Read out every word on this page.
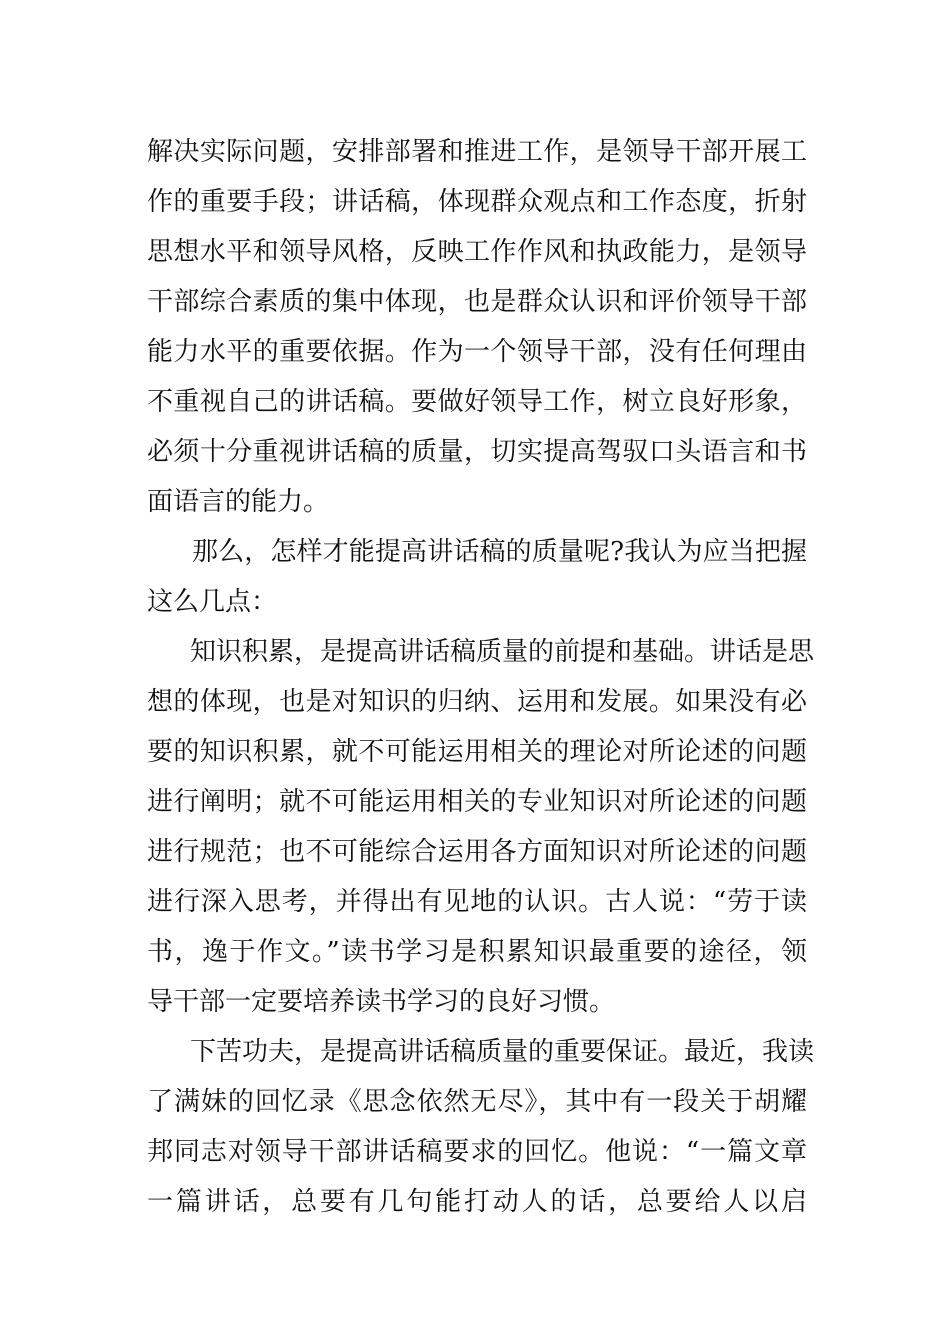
解决实际问题，安排部署和推进工作，是领导干部开展工
作的重要手段；讲话稿，体现群众观点和工作态度，折射
思想水平和领导风格，反映工作作风和执政能力，是领导
干部综合素质的集中体现，也是群众认识和评价领导干部
能力水平的重要依据。作为一个领导干部，没有任何理由
不重视自己的讲话稿。要做好领导工作，树立良好形象，
必须十分重视讲话稿的质量，切实提高驾驭口头语言和书
面语言的能力。
那么，怎样才能提高讲话稿的质量呢?我认为应当把握
这么几点：
知识积累，是提高讲话稿质量的前提和基础。讲话是思
想的体现，也是对知识的归纳、运用和发展。如果没有必
要的知识积累，就不可能运用相关的理论对所论述的问题
进行阐明；就不可能运用相关的专业知识对所论述的问题
进行规范；也不可能综合运用各方面知识对所论述的问题
进行深入思考，并得出有见地的认识。古人说：“劳于读
书，逸于作文。”读书学习是积累知识最重要的途径，领
导干部一定要培养读书学习的良好习惯。
下苦功夫，是提高讲话稿质量的重要保证。最近，我读
了满妹的回忆录《思念依然无尽》，其中有一段关于胡耀
邦同志对领导干部讲话稿要求的回忆。他说：“一篇文章
一篇讲话，总要有几句能打动人的话，总要给人以启
